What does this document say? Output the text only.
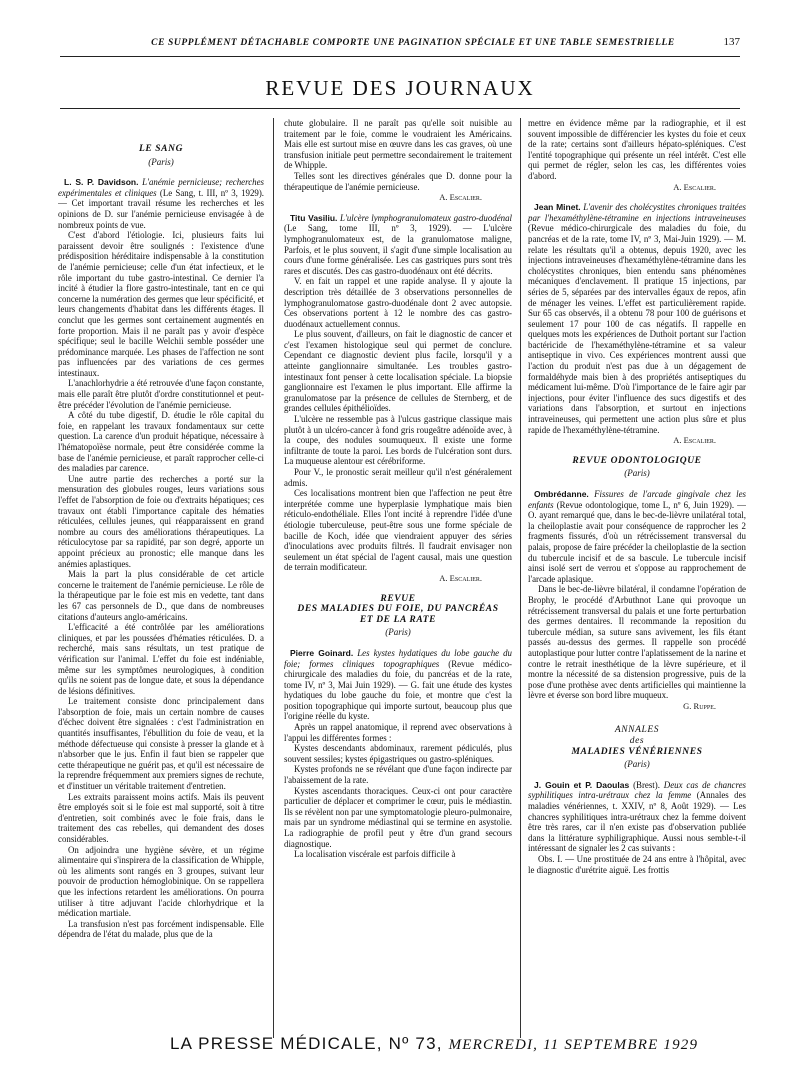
CE SUPPLÉMENT DÉTACHABLE COMPORTE UNE PAGINATION SPÉCIALE ET UNE TABLE SEMESTRIELLE	137
REVUE DES JOURNAUX
LE SANG
(Paris)

L. S. P. Davidson. L'anémie pernicieuse; recherches expérimentales et cliniques (Le Sang, t. III, nº 3, 1929). — Cet important travail résume les recherches et les opinions de D. sur l'anémie pernicieuse envisagée à de nombreux points de vue.

C'est d'abord l'étiologie. Ici, plusieurs faits lui paraissent devoir être soulignés : l'existence d'une prédisposition héréditaire indispensable à la constitution de l'anémie pernicieuse; celle d'un état infectieux, et le rôle important du tube gastro-intestinal. Ce dernier l'a incité à étudier la flore gastro-intestinale, tant en ce qui concerne la numération des germes que leur spécificité, et leurs changements d'habitat dans les différents étages. Il conclut que les germes sont certainement augmentés en forte proportion. Mais il ne paraît pas y avoir d'espèce spécifique; seul le bacille Welchii semble posséder une prédominance marquée. Les phases de l'affection ne sont pas influencées par des variations de ces germes intestinaux.

L'anachlorhydrie a été retrouvée d'une façon constante, mais elle paraît être plutôt d'ordre constitutionnel et peut-être précéder l'évolution de l'anémie pernicieuse.

A côté du tube digestif, D. étudie le rôle capital du foie, en rappelant les travaux fondamentaux sur cette question. La carence d'un produit hépatique, nécessaire à l'hématopoïèse normale, peut être considérée comme la base de l'anémie pernicieuse, et paraît rapprocher celle-ci des maladies par carence.

Une autre partie des recherches a porté sur la mensuration des globules rouges, leurs variations sous l'effet de l'absorption de foie ou d'extraits hépatiques; ces travaux ont établi l'importance capitale des hématies réticulées, cellules jeunes, qui réapparaissent en grand nombre au cours des améliorations thérapeutiques. La réticulocytose par sa rapidité, par son degré, apporte un appoint précieux au pronostic; elle manque dans les anémies aplastiques.

Mais la part la plus considérable de cet article concerne le traitement de l'anémie pernicieuse. Le rôle de la thérapeutique par le foie est mis en vedette, tant dans les 67 cas personnels de D., que dans de nombreuses citations d'auteurs anglo-américains.

L'efficacité a été contrôlée par les améliorations cliniques, et par les poussées d'hématies réticulées. D. a recherché, mais sans résultats, un test pratique de vérification sur l'animal. L'effet du foie est indéniable, même sur les symptômes neurologiques, à condition qu'ils ne soient pas de longue date, et sous la dépendance de lésions définitives.

Le traitement consiste donc principalement dans l'absorption de foie, mais un certain nombre de causes d'échec doivent être signalées : c'est l'administration en quantités insuffisantes, l'ébullition du foie de veau, et la méthode défectueuse qui consiste à presser la glande et à n'absorber que le jus. Enfin il faut bien se rappeler que cette thérapeutique ne guérit pas, et qu'il est nécessaire de la reprendre fréquemment aux premiers signes de rechute, et d'instituer un véritable traitement d'entretien.

Les extraits paraissent moins actifs. Mais ils peuvent être employés soit si le foie est mal supporté, soit à titre d'entretien, soit combinés avec le foie frais, dans le traitement des cas rebelles, qui demandent des doses considérables.

On adjoindra une hygiène sévère, et un régime alimentaire qui s'inspirera de la classification de Whipple, où les aliments sont rangés en 3 groupes, suivant leur pouvoir de production hémoglobinique. On se rappellera que les infections retardent les améliorations. On pourra utiliser à titre adjuvant l'acide chlorhydrique et la médication martiale.

La transfusion n'est pas forcément indispensable. Elle dépendra de l'état du malade, plus que de la

chute globulaire. Il ne paraît pas qu'elle soit nuisible au traitement par le foie, comme le voudraient les Américains. Mais elle est surtout mise en œuvre dans les cas graves, où une transfusion initiale peut permettre secondairement le traitement de Whipple.

Telles sont les directives générales que D. donne pour la thérapeutique de l'anémie pernicieuse.

A. Escalier.

Titu Vasiliu. L'ulcère lymphogranulomateux gastro-duodénal (Le Sang, tome III, nº 3, 1929). — L'ulcère lymphogranulomateux est, de la granulomatose maligne, Parfois, et le plus souvent, il s'agit d'une simple localisation au cours d'une forme généralisée. Les cas gastriques purs sont très rares et discutés. Des cas gastro-duodénaux ont été décrits.

V. en fait un rappel et une rapide analyse. Il y ajoute la description très détaillée de 3 observations personnelles de lymphogranulomatose gastro-duodénale dont 2 avec autopsie. Ces observations portent à 12 le nombre des cas gastro-duodénaux actuellement connus.

Le plus souvent, d'ailleurs, on fait le diagnostic de cancer et c'est l'examen histologique seul qui permet de conclure. Cependant ce diagnostic devient plus facile, lorsqu'il y a atteinte ganglionnaire simultanée. Les troubles gastro-intestinaux font penser à cette localisation spéciale. La biopsie ganglionnaire est l'examen le plus important. Elle affirme la granulomatose par la présence de cellules de Sternberg, et de grandes cellules épithélioïdes.

L'ulcère ne ressemble pas à l'ulcus gastrique classique mais plutôt à un ulcéro-cancer à fond gris rougeâtre adénoïde avec, à la coupe, des nodules soumuqueux. Il existe une forme infiltrante de toute la paroi. Les bords de l'ulcération sont durs. La muqueuse alentour est cérébriforme.

Pour V., le pronostic serait meilleur qu'il n'est généralement admis.

Ces localisations montrent bien que l'affection ne peut être interprétée comme une hyperplasie lymphatique mais bien réticulo-endothéliale. Elles l'ont incité à reprendre l'idée d'une étiologie tuberculeuse, peut-être sous une forme spéciale de bacille de Koch, idée que viendraient appuyer des séries d'inoculations avec produits filtrés. Il faudrait envisager non seulement un état spécial de l'agent causal, mais une question de terrain modificateur.

A. Escalier.
REVUE
DES MALADIES DU FOIE, DU PANCRÉAS
ET DE LA RATE
(Paris)

Pierre Goinard. Les kystes hydatiques du lobe gauche du foie; formes cliniques topographiques (Revue médico-chirurgicale des maladies du foie, du pancréas et de la rate, tome IV, nº 3, Mai Juin 1929). — G. fait une étude des kystes hydatiques du lobe gauche du foie, et montre que c'est la position topographique qui importe surtout, beaucoup plus que l'origine réelle du kyste.

Après un rappel anatomique, il reprend avec observations à l'appui les différentes formes :

Kystes descendants abdominaux, rarement pédiculés, plus souvent sessiles; kystes épigastriques ou gastro-spléniques.

Kystes profonds ne se révélant que d'une façon indirecte par l'abaissement de la rate.

Kystes ascendants thoraciques. Ceux-ci ont pour caractère particulier de déplacer et comprimer le cœur, puis le médiastin. Ils se révèlent non par une symptomatologie pleuro-pulmonaire, mais par un syndrome médiastinal qui se termine en asystolie. La radiographie de profil peut y être d'un grand secours diagnostique.

La localisation viscérale est parfois difficile à

mettre en évidence même par la radiographie, et il est souvent impossible de différencier les kystes du foie et ceux de la rate; certains sont d'ailleurs hépato-spléniques. C'est l'entité topographique qui présente un réel intérêt. C'est elle qui permet de régler, selon les cas, les différentes voies d'abord.

A. Escalier.

Jean Minet. L'avenir des cholécystites chroniques traitées par l'hexaméthylène-tétramine en injections intraveineuses (Revue médico-chirurgicale des maladies du foie, du pancréas et de la rate, tome IV, nº 3, Mai-Juin 1929). — M. relate les résultats qu'il a obtenus, depuis 1920, avec les injections intraveineuses d'hexaméthylène-tétramine dans les cholécystites chroniques, bien entendu sans phénomènes mécaniques d'enclavement. Il pratique 15 injections, par séries de 5, séparées par des intervalles égaux de repos, afin de ménager les veines. L'effet est particulièrement rapide. Sur 65 cas observés, il a obtenu 78 pour 100 de guérisons et seulement 17 pour 100 de cas négatifs. Il rappelle en quelques mots les expériences de Duthoit portant sur l'action bactéricide de l'hexaméthylène-tétramine et sa valeur antiseptique in vivo. Ces expériences montrent aussi que l'action du produit n'est pas due à un dégagement de formaldéhyde mais bien à des propriétés antiseptiques du médicament lui-même. D'où l'importance de le faire agir par injections, pour éviter l'influence des sucs digestifs et des variations dans l'absorption, et surtout en injections intraveineuses, qui permettent une action plus sûre et plus rapide de l'hexaméthylène-tétramine.

A. Escalier.
REVUE ODONTOLOGIQUE
(Paris)

Ombrédanne. Fissures de l'arcade gingivale chez les enfants (Revue odontologique, tome L, nº 6, Juin 1929). — O. ayant remarqué que, dans le bec-de-lièvre unilatéral total, la cheiloplastie avait pour conséquence de rapprocher les 2 fragments fissurés, d'où un rétrécissement transversal du palais, propose de faire précéder la cheiloplastie de la section du tubercule incisif et de sa bascule. Le tubercule incisif ainsi isolé sert de verrou et s'oppose au rapprochement de l'arcade aplasique.

Dans le bec-de-lièvre bilatéral, il condamne l'opération de Brophy, le procédé d'Arbuthnot Lane qui provoque un rétrécissement transversal du palais et une forte perturbation des germes dentaires. Il recommande la reposition du tubercule médian, sa suture sans avivement, les fils étant passés au-dessus des germes. Il rappelle son procédé autoplastique pour lutter contre l'aplatissement de la narine et contre le retrait inesthétique de la lèvre supérieure, et il montre la nécessité de sa distension progressive, puis de la pose d'une prothèse avec dents artificielles qui maintienne la lèvre et éverse son bord libre muqueux.

G. Ruppe.
ANNALES
des
MALADIES VÉNÉRIENNES
(Paris)

J. Gouin et P. Daoulas (Brest). Deux cas de chancres syphilitiques intra-urétraux chez la femme (Annales des maladies vénériennes, t. XXIV, nº 8, Août 1929). — Les chancres syphilitiques intra-urétraux chez la femme doivent être très rares, car il n'en existe pas d'observation publiée dans la littérature syphiligraphique. Aussi nous semble-t-il intéressant de signaler les 2 cas suivants :

Obs. I. — Une prostituée de 24 ans entre à l'hôpital, avec le diagnostic d'urétrite aiguë. Les frottis

LA PRESSE MÉDICALE, Nº 73, MERCREDI, 11 SEPTEMBRE 1929
